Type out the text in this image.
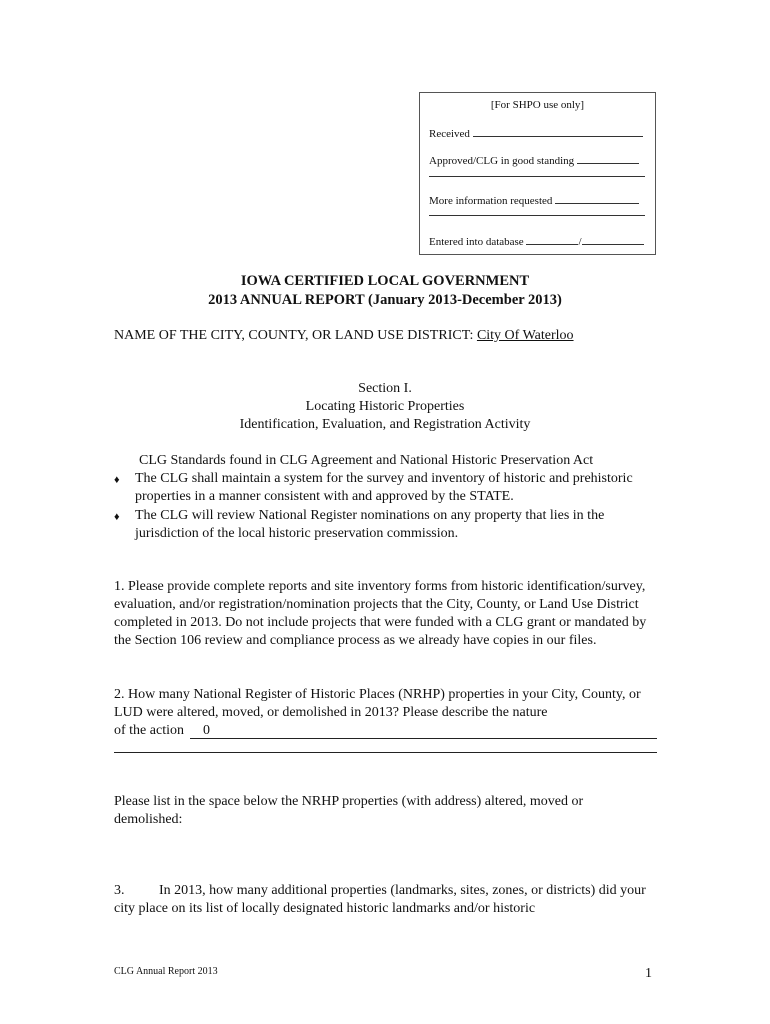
[For SHPO use only]
Received
Approved/CLG in good standing
More information requested
Entered into database	/
IOWA CERTIFIED LOCAL GOVERNMENT
2013 ANNUAL REPORT (January 2013-December 2013)
NAME OF THE CITY, COUNTY, OR LAND USE DISTRICT: City Of Waterloo
Section I.
Locating Historic Properties
Identification, Evaluation, and Registration Activity
CLG Standards found in CLG Agreement and National Historic Preservation Act
♦	The CLG shall maintain a system for the survey and inventory of historic and prehistoric properties in a manner consistent with and approved by the STATE.
♦	The CLG will review National Register nominations on any property that lies in the jurisdiction of the local historic preservation commission.
1. Please provide complete reports and site inventory forms from historic identification/survey, evaluation, and/or registration/nomination projects that the City, County, or Land Use District completed in 2013. Do not include projects that were funded with a CLG grant or mandated by the Section 106 review and compliance process as we already have copies in our files.
2. How many National Register of Historic Places (NRHP) properties in your City, County, or LUD were altered, moved, or demolished in 2013? Please describe the nature
of the action 0
Please list in the space below the NRHP properties (with address) altered, moved or demolished:
3.	In 2013, how many additional properties (landmarks, sites, zones, or districts) did your city place on its list of locally designated historic landmarks and/or historic
CLG Annual Report 2013	1
